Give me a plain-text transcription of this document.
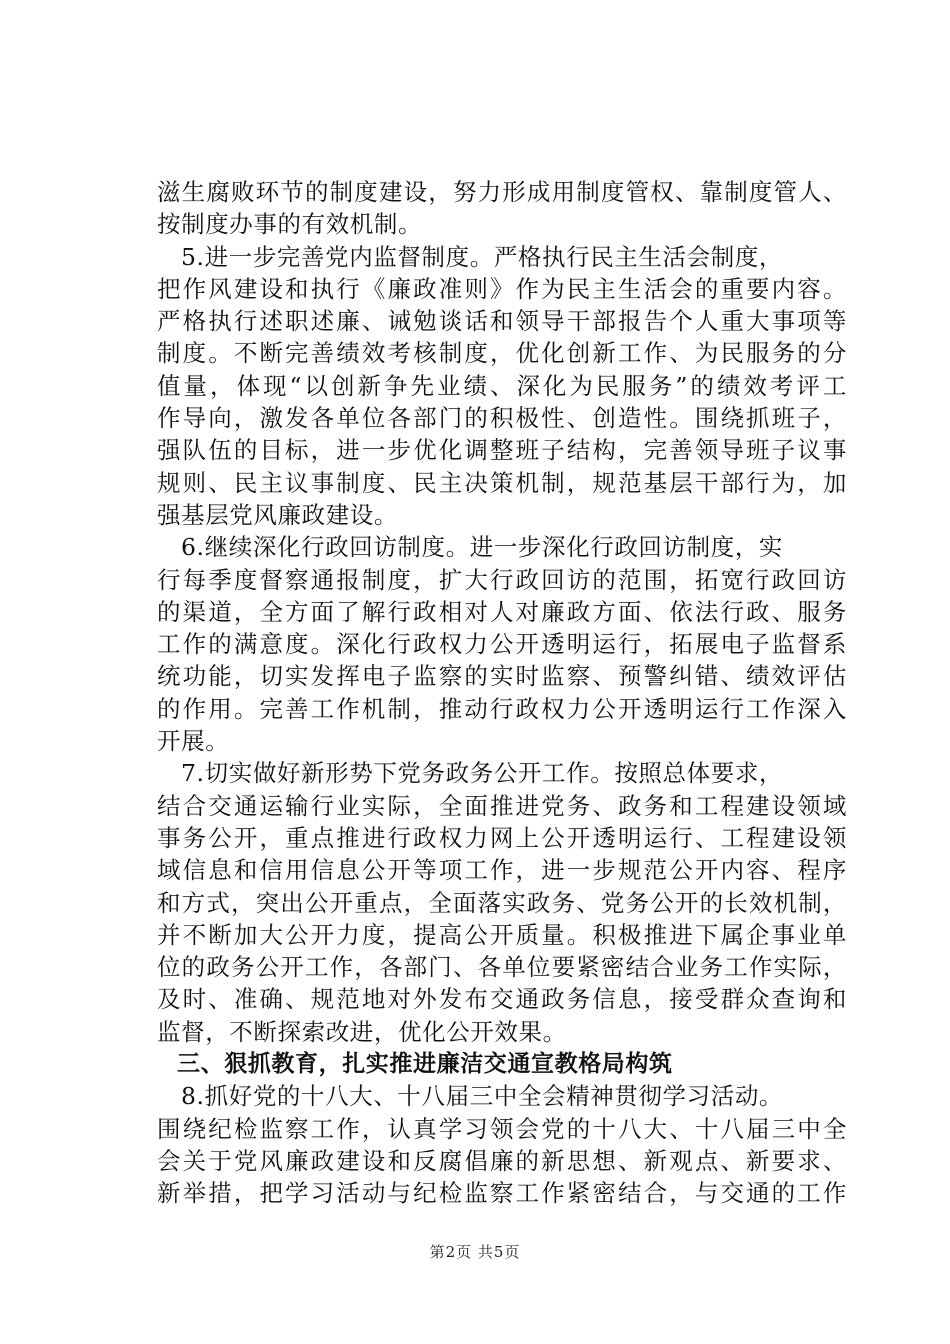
滋生腐败环节的制度建设，努力形成用制度管权、靠制度管人、
按制度办事的有效机制。
5.进一步完善党内监督制度。严格执行民主生活会制度，
把作风建设和执行《廉政准则》作为民主生活会的重要内容。
严格执行述职述廉、诫勉谈话和领导干部报告个人重大事项等
制度。不断完善绩效考核制度，优化创新工作、为民服务的分
值量，体现“以创新争先业绩、深化为民服务”的绩效考评工
作导向，激发各单位各部门的积极性、创造性。围绕抓班子，
强队伍的目标，进一步优化调整班子结构，完善领导班子议事
规则、民主议事制度、民主决策机制，规范基层干部行为，加
强基层党风廉政建设。
6.继续深化行政回访制度。进一步深化行政回访制度，实
行每季度督察通报制度，扩大行政回访的范围，拓宽行政回访
的渠道，全方面了解行政相对人对廉政方面、依法行政、服务
工作的满意度。深化行政权力公开透明运行，拓展电子监督系
统功能，切实发挥电子监察的实时监察、预警纠错、绩效评估
的作用。完善工作机制，推动行政权力公开透明运行工作深入
开展。
7.切实做好新形势下党务政务公开工作。按照总体要求，
结合交通运输行业实际，全面推进党务、政务和工程建设领域
事务公开，重点推进行政权力网上公开透明运行、工程建设领
域信息和信用信息公开等项工作，进一步规范公开内容、程序
和方式，突出公开重点，全面落实政务、党务公开的长效机制，
并不断加大公开力度，提高公开质量。积极推进下属企事业单
位的政务公开工作，各部门、各单位要紧密结合业务工作实际，
及时、准确、规范地对外发布交通政务信息，接受群众查询和
监督，不断探索改进，优化公开效果。
三、狠抓教育，扎实推进廉洁交通宣教格局构筑
8.抓好党的十八大、十八届三中全会精神贯彻学习活动。
围绕纪检监察工作，认真学习领会党的十八大、十八届三中全
会关于党风廉政建设和反腐倡廉的新思想、新观点、新要求、
新举措，把学习活动与纪检监察工作紧密结合，与交通的工作
第2页 共5页
